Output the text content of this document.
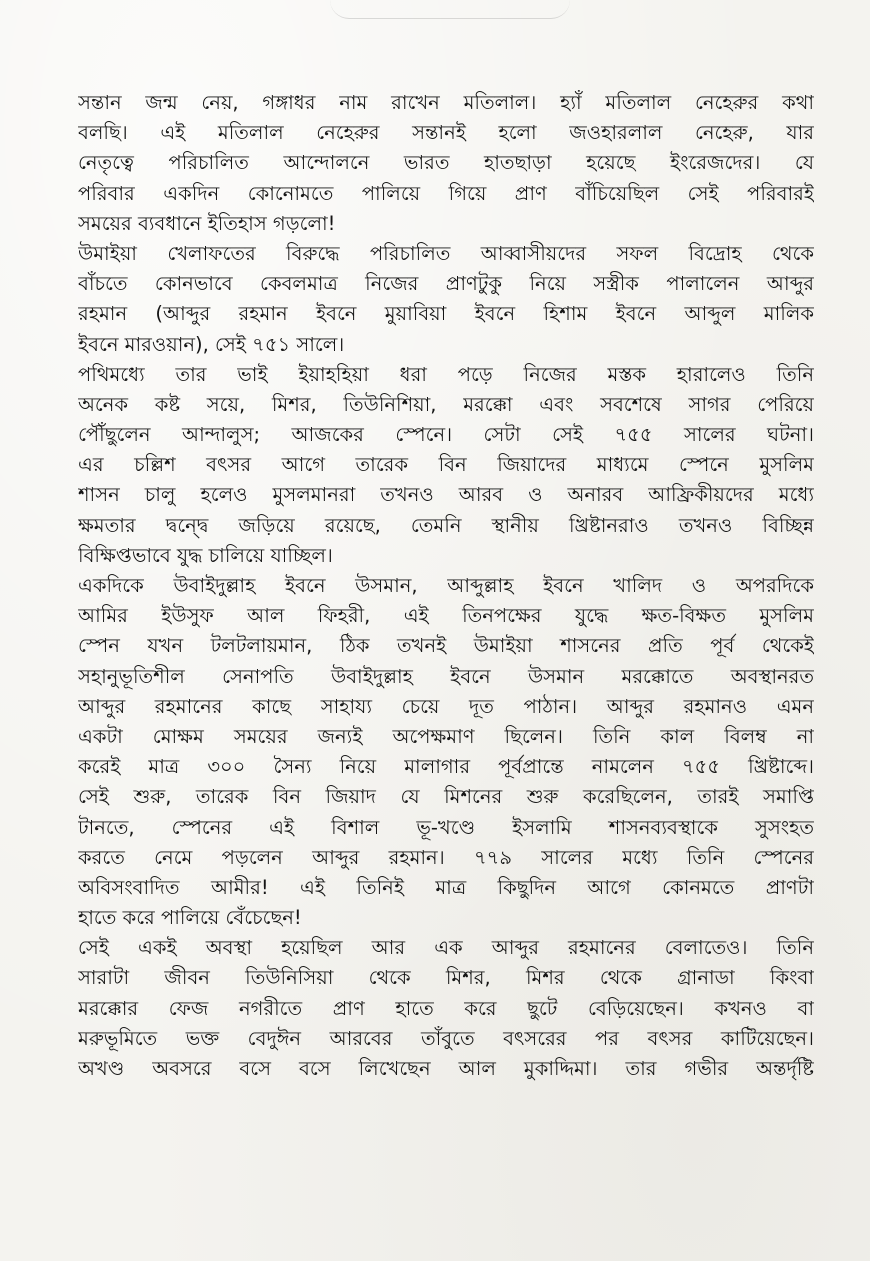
সন্তান জন্ম নেয়, গঙ্গাধর নাম রাখেন মতিলাল। হ্যাঁ মতিলাল নেহেরুর কথা
বলছি। এই মতিলাল নেহেরুর সন্তানই হলো জওহারলাল নেহেরু, যার
নেতৃত্বে পরিচালিত আন্দোলনে ভারত হাতছাড়া হয়েছে ইংরেজদের। যে
পরিবার একদিন কোনোমতে পালিয়ে গিয়ে প্রাণ বাঁচিয়েছিল সেই পরিবারই
সময়ের ব্যবধানে ইতিহাস গড়লো!
উমাইয়া খেলাফতের বিরুদ্ধে পরিচালিত আব্বাসীয়দের সফল বিদ্রোহ থেকে
বাঁচতে কোনভাবে কেবলমাত্র নিজের প্রাণটুকু নিয়ে সস্ত্রীক পালালেন আব্দুর
রহমান (আব্দুর রহমান ইবনে মুয়াবিয়া ইবনে হিশাম ইবনে আব্দুল মালিক
ইবনে মারওয়ান), সেই ৭৫১ সালে।
পথিমধ্যে তার ভাই ইয়াহহিয়া ধরা পড়ে নিজের মস্তক হারালেও তিনি
অনেক কষ্ট সয়ে, মিশর, তিউনিশিয়া, মরক্কো এবং সবশেষে সাগর পেরিয়ে
পৌঁছুলেন আন্দালুস; আজকের স্পেনে। সেটা সেই ৭৫৫ সালের ঘটনা।
এর চল্লিশ বৎসর আগে তারেক বিন জিয়াদের মাধ্যমে স্পেনে মুসলিম
শাসন চালু হলেও মুসলমানরা তখনও আরব ও অনারব আফ্রিকীয়দের মধ্যে
ক্ষমতার দ্বন্দ্বে জড়িয়ে রয়েছে, তেমনি স্থানীয় খ্রিষ্টানরাও তখনও বিচ্ছিন্ন
বিক্ষিপ্তভাবে যুদ্ধ চালিয়ে যাচ্ছিল।
একদিকে উবাইদুল্লাহ ইবনে উসমান, আব্দুল্লাহ ইবনে খালিদ ও অপরদিকে
আমির ইউসুফ আল ফিহরী, এই তিনপক্ষের যুদ্ধে ক্ষত-বিক্ষত মুসলিম
স্পেন যখন টলটলায়মান, ঠিক তখনই উমাইয়া শাসনের প্রতি পূর্ব থেকেই
সহানুভূতিশীল সেনাপতি উবাইদুল্লাহ ইবনে উসমান মরক্কোতে অবস্থানরত
আব্দুর রহমানের কাছে সাহায্য চেয়ে দূত পাঠান। আব্দুর রহমানও এমন
একটা মোক্ষম সময়ের জন্যই অপেক্ষমাণ ছিলেন। তিনি কাল বিলম্ব না
করেই মাত্র ৩০০ সৈন্য নিয়ে মালাগার পূর্বপ্রান্তে নামলেন ৭৫৫ খ্রিষ্টাব্দে।
সেই শুরু, তারেক বিন জিয়াদ যে মিশনের শুরু করেছিলেন, তারই সমাপ্তি
টানতে, স্পেনের এই বিশাল ভূ-খণ্ডে ইসলামি শাসনব্যবস্থাকে সুসংহত
করতে নেমে পড়লেন আব্দুর রহমান। ৭৭৯ সালের মধ্যে তিনি স্পেনের
অবিসংবাদিত আমীর! এই তিনিই মাত্র কিছুদিন আগে কোনমতে প্রাণটা
হাতে করে পালিয়ে বেঁচেছেন!
সেই একই অবস্থা হয়েছিল আর এক আব্দুর রহমানের বেলাতেও। তিনি
সারাটা জীবন তিউনিসিয়া থেকে মিশর, মিশর থেকে গ্রানাডা কিংবা
মরক্কোর ফেজ নগরীতে প্রাণ হাতে করে ছুটে বেড়িয়েছেন। কখনও বা
মরুভূমিতে ভক্ত বেদুঈন আরবের তাঁবুতে বৎসরের পর বৎসর কাটিয়েছেন।
অখণ্ড অবসরে বসে বসে লিখেছেন আল মুকাদ্দিমা। তার গভীর অন্তর্দৃষ্টি
